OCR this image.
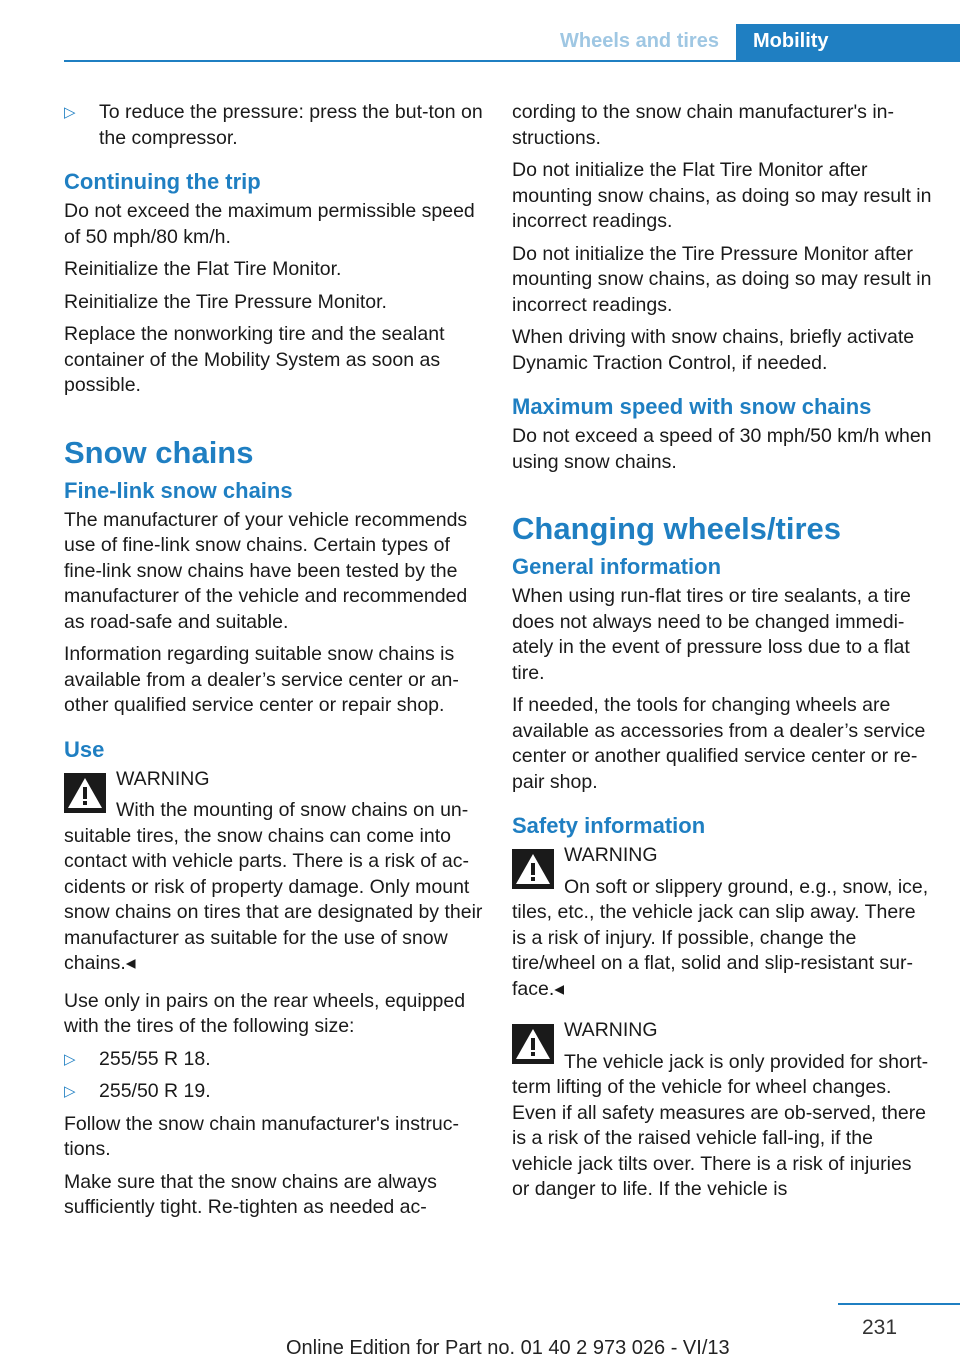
Wheels and tires Mobility
▷ To reduce the pressure: press the but-ton on the compressor.
Continuing the trip

Do not exceed the maximum permissible speed of 50 mph/80 km/h.

Reinitialize the Flat Tire Monitor.

Reinitialize the Tire Pressure Monitor.

Replace the nonworking tire and the sealant container of the Mobility System as soon as possible.

Snow chains
Fine-link snow chains

The manufacturer of your vehicle recommends use of fine-link snow chains. Certain types of fine-link snow chains have been tested by the manufacturer of the vehicle and recommended as road-safe and suitable.

Information regarding suitable snow chains is available from a dealer’s service center or an-other qualified service center or repair shop.

Use

WARNING

With the mounting of snow chains on un-suitable tires, the snow chains can come into contact with vehicle parts. There is a risk of ac-cidents or risk of property damage. Only mount snow chains on tires that are designated by their manufacturer as suitable for the use of snow chains.◂

Use only in pairs on the rear wheels, equipped with the tires of the following size:

▷ 255/55 R 18.
▷ 255/50 R 19.

Follow the snow chain manufacturer's instruc-tions.

Make sure that the snow chains are always sufficiently tight. Re-tighten as needed ac-

cording to the snow chain manufacturer's in-structions.

Do not initialize the Flat Tire Monitor after mounting snow chains, as doing so may result in incorrect readings.

Do not initialize the Tire Pressure Monitor after mounting snow chains, as doing so may result in incorrect readings.

When driving with snow chains, briefly activate Dynamic Traction Control, if needed.

Maximum speed with snow chains

Do not exceed a speed of 30 mph/50 km/h when using snow chains.

Changing wheels/tires
General information

When using run-flat tires or tire sealants, a tire does not always need to be changed immedi-ately in the event of pressure loss due to a flat tire.

If needed, the tools for changing wheels are available as accessories from a dealer’s service center or another qualified service center or re-pair shop.

Safety information

WARNING

On soft or slippery ground, e.g., snow, ice, tiles, etc., the vehicle jack can slip away. There is a risk of injury. If possible, change the tire/wheel on a flat, solid and slip-resistant sur-face.◂

WARNING

The vehicle jack is only provided for short-term lifting of the vehicle for wheel changes. Even if all safety measures are ob-served, there is a risk of the raised vehicle fall-ing, if the vehicle jack tilts over. There is a risk of injuries or danger to life. If the vehicle is

231
Online Edition for Part no. 01 40 2 973 026 - VI/13
